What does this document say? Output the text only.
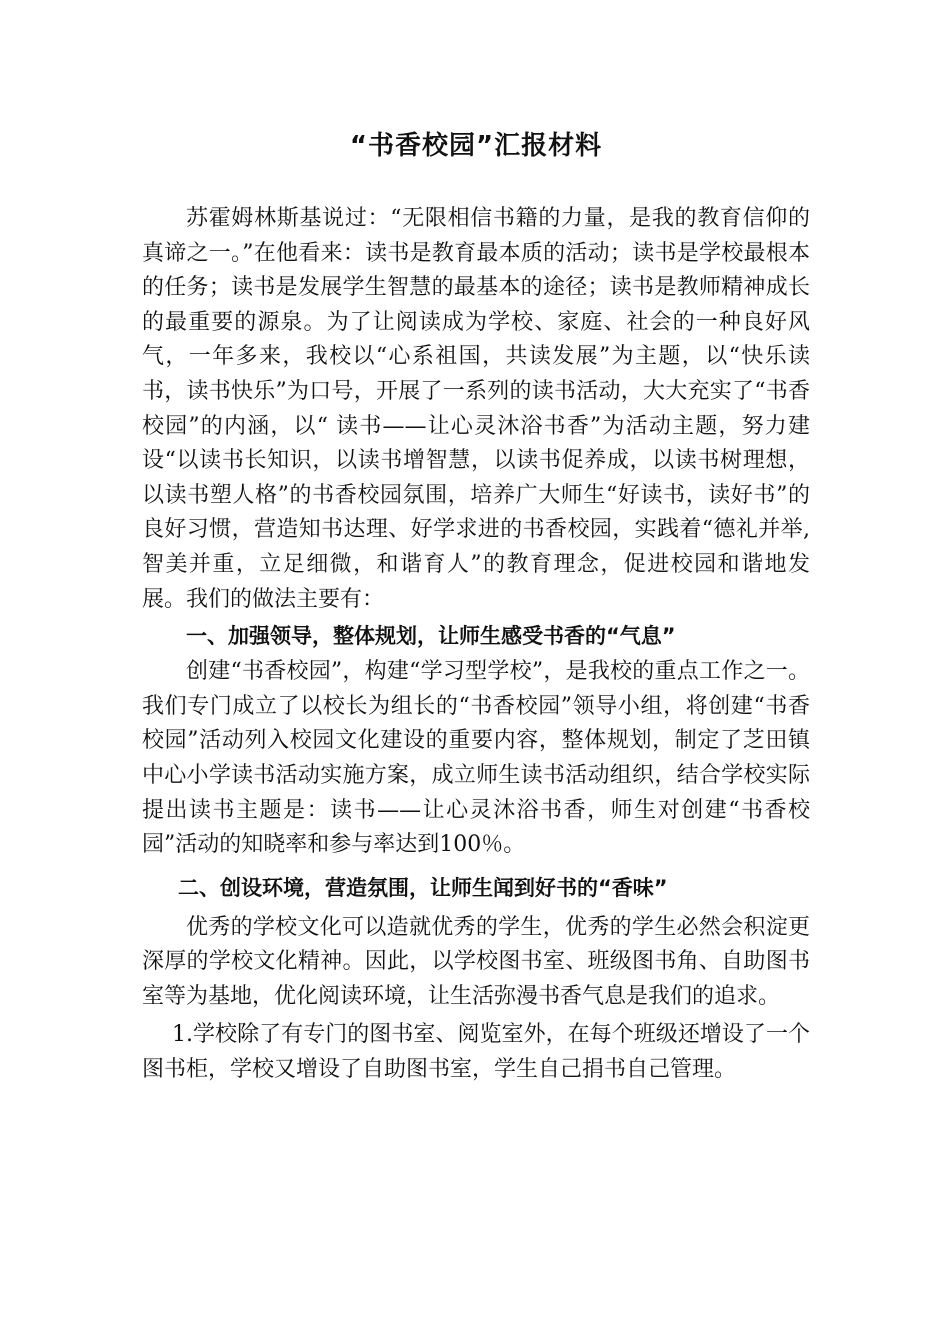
“书香校园”汇报材料

苏霍姆林斯基说过：“无限相信书籍的力量，是我的教育信仰的真谛之一。”在他看来：读书是教育最本质的活动；读书是学校最根本的任务；读书是发展学生智慧的最基本的途径；读书是教师精神成长的最重要的源泉。为了让阅读成为学校、家庭、社会的一种良好风气，一年多来，我校以“心系祖国，共读发展”为主题，以“快乐读书，读书快乐”为口号，开展了一系列的读书活动，大大充实了“书香校园”的内涵，以“ 读书——让心灵沐浴书香”为活动主题，努力建设“以读书长知识，以读书增智慧，以读书促养成，以读书树理想，以读书塑人格”的书香校园氛围，培养广大师生“好读书，读好书”的良好习惯，营造知书达理、好学求进的书香校园，实践着“德礼并举,智美并重，立足细微，和谐育人”的教育理念，促进校园和谐地发展。我们的做法主要有：

一、加强领导，整体规划，让师生感受书香的“气息”

创建“书香校园”，构建“学习型学校”，是我校的重点工作之一。我们专门成立了以校长为组长的“书香校园”领导小组，将创建“书香校园”活动列入校园文化建设的重要内容，整体规划，制定了芝田镇中心小学读书活动实施方案，成立师生读书活动组织，结合学校实际提出读书主题是：读书——让心灵沐浴书香，师生对创建“书香校园”活动的知晓率和参与率达到100％。

二、创设环境，营造氛围，让师生闻到好书的“香味”

优秀的学校文化可以造就优秀的学生，优秀的学生必然会积淀更深厚的学校文化精神。因此，以学校图书室、班级图书角、自助图书室等为基地，优化阅读环境，让生活弥漫书香气息是我们的追求。

1.学校除了有专门的图书室、阅览室外，在每个班级还增设了一个图书柜，学校又增设了自助图书室，学生自己捐书自己管理。
